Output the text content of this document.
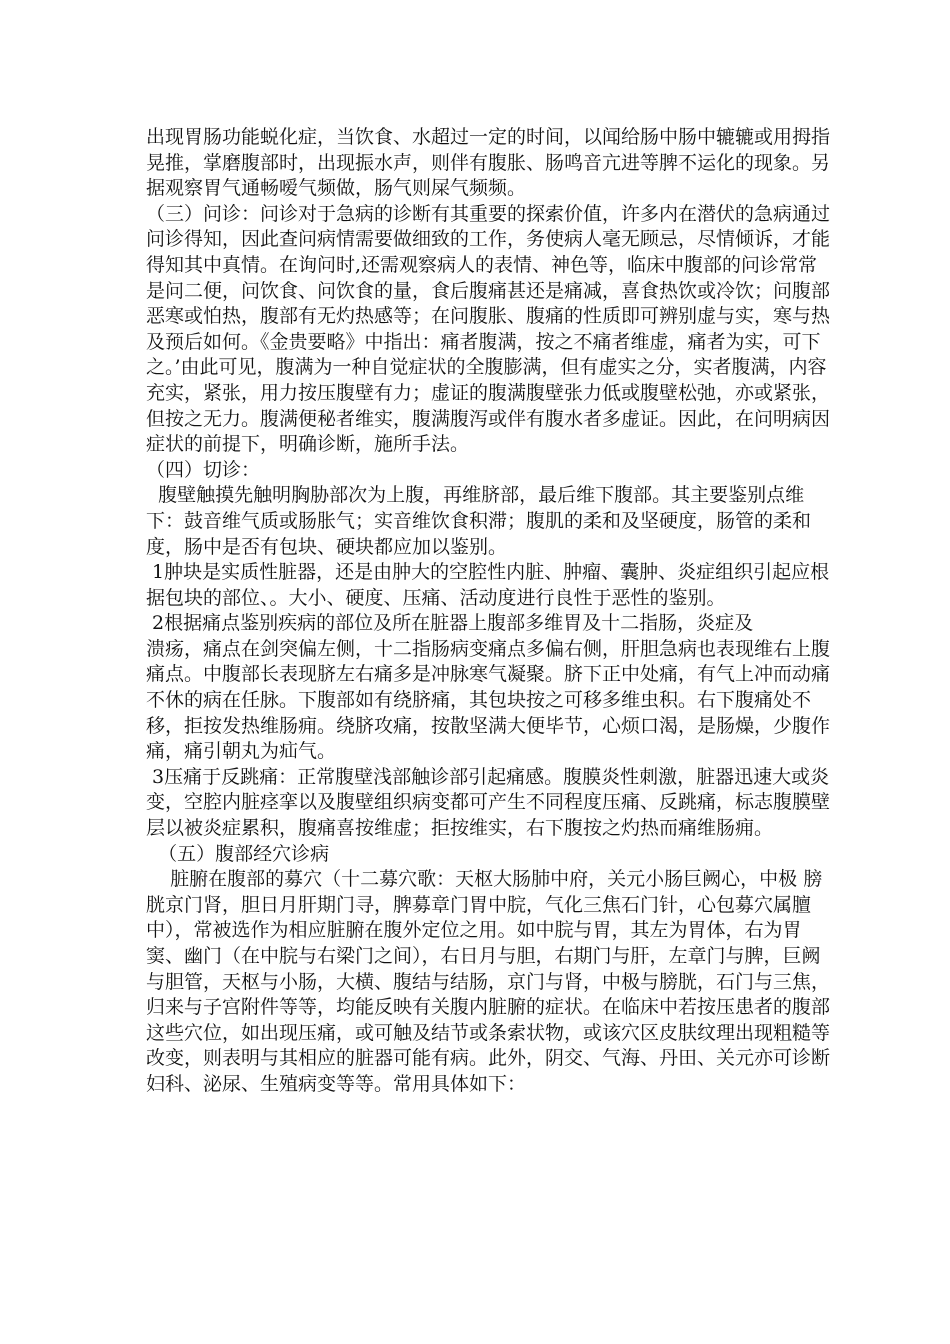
出现胃肠功能蜕化症，当饮食、水超过一定的时间，以闻给肠中肠中辘辘或用拇指晃推，掌磨腹部时，出现振水声，则伴有腹胀、肠鸣音亢进等脾不运化的现象。另据观察胃气通畅嗳气频做，肠气则屎气频频。

（三）问诊：问诊对于急病的诊断有其重要的探索价值，许多内在潜伏的急病通过问诊得知，因此查问病情需要做细致的工作，务使病人毫无顾忌，尽情倾诉，才能得知其中真情。在询问时,还需观察病人的表情、神色等，临床中腹部的问诊常常是问二便，问饮食、问饮食的量，食后腹痛甚还是痛减，喜食热饮或冷饮；问腹部恶寒或怕热，腹部有无灼热感等；在问腹胀、腹痛的性质即可辨别虚与实，寒与热及预后如何。《金贵要略》中指出：痛者腹满，按之不痛者维虚，痛者为实，可下之。’由此可见，腹满为一种自觉症状的全腹膨满，但有虚实之分，实者腹满，内容充实，紧张，用力按压腹壁有力；虚证的腹满腹壁张力低或腹壁松弛，亦或紧张，但按之无力。腹满便秘者维实，腹满腹泻或伴有腹水者多虚证。因此，在问明病因症状的前提下，明确诊断，施所手法。

（四）切诊：

腹壁触摸先触明胸胁部次为上腹，再维脐部，最后维下腹部。其主要鉴别点维下：鼓音维气质或肠胀气；实音维饮食积滞；腹肌的柔和及坚硬度，肠管的柔和度，肠中是否有包块、硬块都应加以鉴别。

1肿块是实质性脏器，还是由肿大的空腔性内脏、肿瘤、囊肿、炎症组织引起应根据包块的部位、。大小、硬度、压痛、活动度进行良性于恶性的鉴别。

2根据痛点鉴别疾病的部位及所在脏器上腹部多维胃及十二指肠，炎症及                溃疡，痛点在剑突偏左侧，十二指肠病变痛点多偏右侧，肝胆急病也表现维右上腹痛点。中腹部长表现脐左右痛多是冲脉寒气凝聚。脐下正中处痛，有气上冲而动痛不休的病在任脉。下腹部如有绕脐痛，其包块按之可移多维虫积。右下腹痛处不移，拒按发热维肠痈。绕脐攻痛，按散坚满大便毕节，心烦口渴，是肠燥，少腹作痛，痛引朝丸为疝气。

3压痛于反跳痛：正常腹壁浅部触诊部引起痛感。腹膜炎性刺激，脏器迅速大或炎变，空腔内脏痉挛以及腹壁组织病变都可产生不同程度压痛、反跳痛，标志腹膜壁层以被炎症累积，腹痛喜按维虚；拒按维实，右下腹按之灼热而痛维肠痈。

（五）腹部经穴诊病

脏腑在腹部的募穴（十二募穴歌：天枢大肠肺中府，关元小肠巨阙心，中极 膀胱京门肾，胆日月肝期门寻，脾募章门胃中脘，气化三焦石门针，心包募穴属膻中），常被选作为相应脏腑在腹外定位之用。如中脘与胃，其左为胃体，右为胃窦、幽门（在中脘与右梁门之间），右日月与胆，右期门与肝，左章门与脾，巨阙与胆管，天枢与小肠，大横、腹结与结肠，京门与肾，中极与膀胱，石门与三焦，归来与子宫附件等等，均能反映有关腹内脏腑的症状。在临床中若按压患者的腹部这些穴位，如出现压痛，或可触及结节或条索状物，或该穴区皮肤纹理出现粗糙等改变，则表明与其相应的脏器可能有病。此外，阴交、气海、丹田、关元亦可诊断妇科、泌尿、生殖病变等等。常用具体如下：
